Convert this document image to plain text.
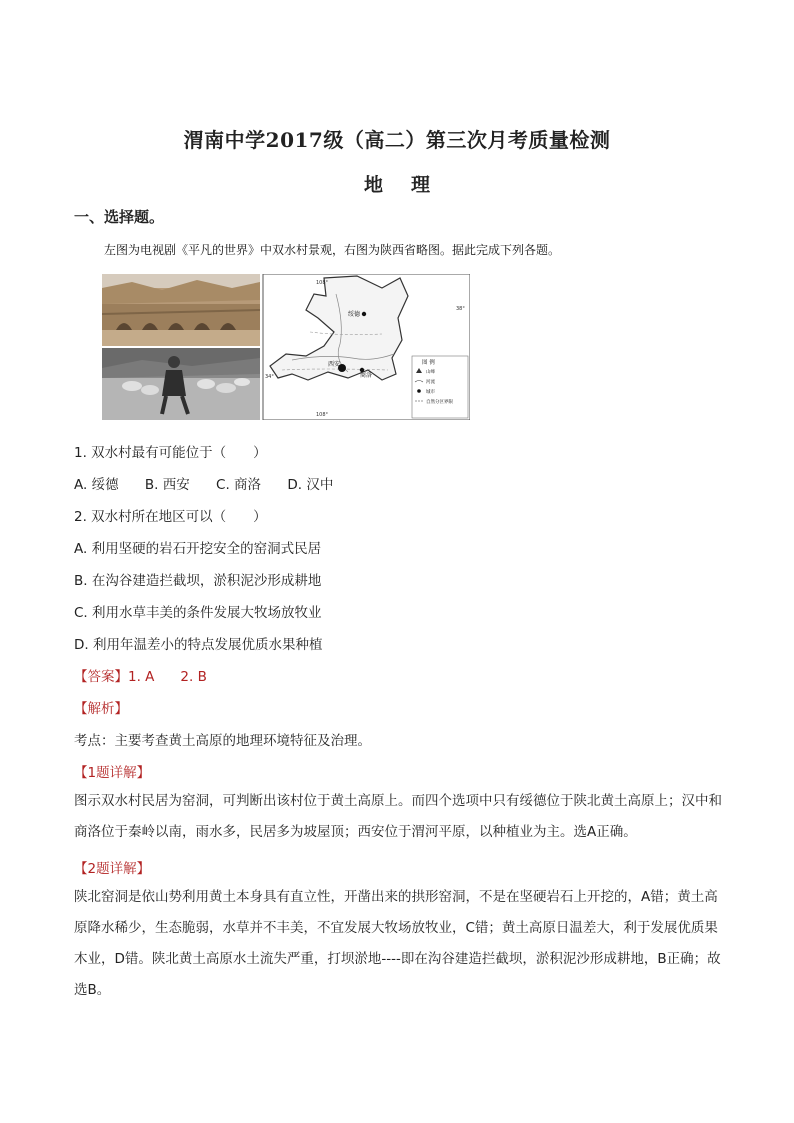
渭南中学2017级（高二）第三次月考质量检测
地理
一、选择题。
左图为电视剧《平凡的世界》中双水村景观，右图为陕西省略图。据此完成下列各题。
绥德
西安
商洛
108°
108°
38°
34°
图 例
山峰
河流
城市
自然分区界限
1. 双水村最有可能位于（　　）
A. 绥德 B. 西安 C. 商洛 D. 汉中
2. 双水村所在地区可以（　　）
A. 利用坚硬的岩石开挖安全的窑洞式民居
B. 在沟谷建造拦截坝，淤积泥沙形成耕地
C. 利用水草丰美的条件发展大牧场放牧业
D. 利用年温差小的特点发展优质水果种植
【答案】1. A 2. B
【解析】
考点：主要考查黄土高原的地理环境特征及治理。
【1题详解】
图示双水村民居为窑洞，可判断出该村位于黄土高原上。而四个选项中只有绥德位于陕北黄土高原上；汉中和商洛位于秦岭以南，雨水多，民居多为坡屋顶；西安位于渭河平原，以种植业为主。选A正确。
【2题详解】
陕北窑洞是依山势利用黄土本身具有直立性，开凿出来的拱形窑洞，不是在坚硬岩石上开挖的，A错；黄土高原降水稀少，生态脆弱，水草并不丰美，不宜发展大牧场放牧业，C错；黄土高原日温差大，利于发展优质果木业，D错。陕北黄土高原水土流失严重，打坝淤地----即在沟谷建造拦截坝，淤积泥沙形成耕地，B正确；故选B。
